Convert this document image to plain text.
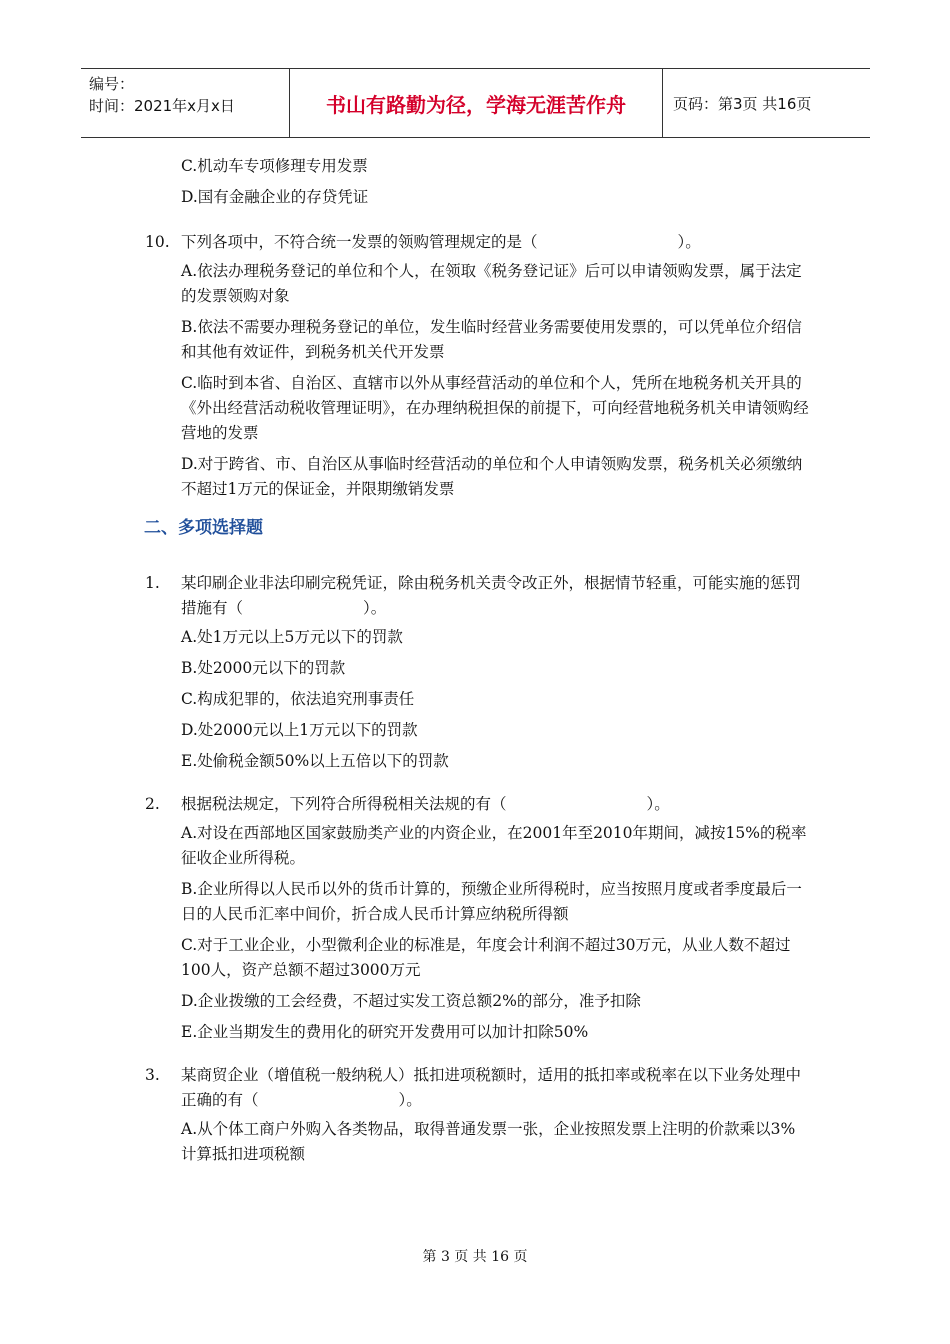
编号：
时间：2021年x月x日	书山有路勤为径，学海无涯苦作舟	页码：第3页 共16页
C.机动车专项修理专用发票
D.国有金融企业的存贷凭证
10. 下列各项中，不符合统一发票的领购管理规定的是（	）。
A.依法办理税务登记的单位和个人，在领取《税务登记证》后可以申请领购发票，属于法定的发票领购对象
B.依法不需要办理税务登记的单位，发生临时经营业务需要使用发票的，可以凭单位介绍信和其他有效证件，到税务机关代开发票
C.临时到本省、自治区、直辖市以外从事经营活动的单位和个人，凭所在地税务机关开具的《外出经营活动税收管理证明》，在办理纳税担保的前提下，可向经营地税务机关申请领购经营地的发票
D.对于跨省、市、自治区从事临时经营活动的单位和个人申请领购发票，税务机关必须缴纳不超过1万元的保证金，并限期缴销发票
二、多项选择题
1.	某印刷企业非法印刷完税凭证，除由税务机关责令改正外，根据情节轻重，可能实施的惩罚措施有（	）。
A.处1万元以上5万元以下的罚款
B.处2000元以下的罚款
C.构成犯罪的，依法追究刑事责任
D.处2000元以上1万元以下的罚款
E.处偷税金额50%以上五倍以下的罚款
2.	根据税法规定，下列符合所得税相关法规的有（	）。
A.对设在西部地区国家鼓励类产业的内资企业，在2001年至2010年期间，减按15%的税率征收企业所得税。
B.企业所得以人民币以外的货币计算的，预缴企业所得税时，应当按照月度或者季度最后一日的人民币汇率中间价，折合成人民币计算应纳税所得额
C.对于工业企业，小型微利企业的标准是，年度会计利润不超过30万元，从业人数不超过100人，资产总额不超过3000万元
D.企业拨缴的工会经费，不超过实发工资总额2%的部分，准予扣除
E.企业当期发生的费用化的研究开发费用可以加计扣除50%
3.	某商贸企业（增值税一般纳税人）抵扣进项税额时，适用的抵扣率或税率在以下业务处理中正确的有（	）。
A.从个体工商户外购入各类物品，取得普通发票一张，企业按照发票上注明的价款乘以3%计算抵扣进项税额
第 3 页 共 16 页
